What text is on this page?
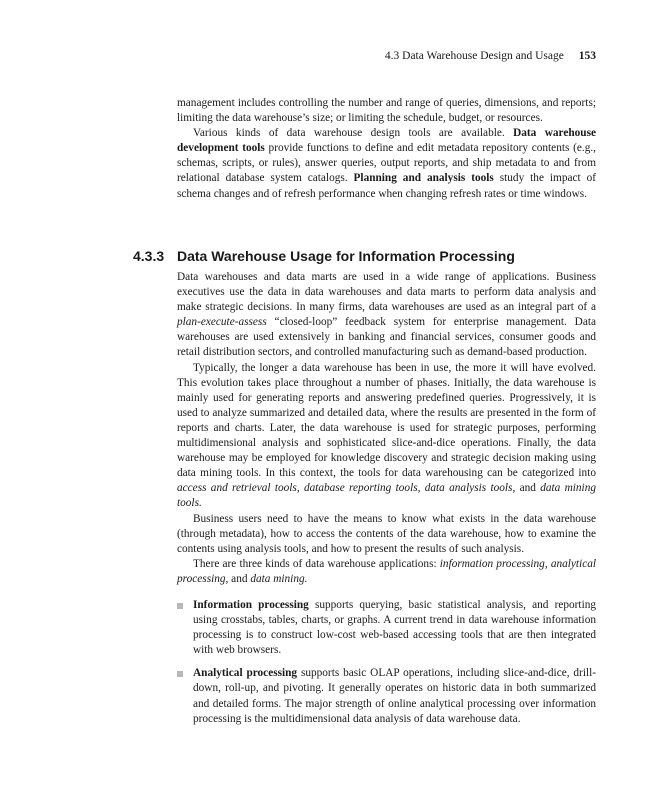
4.3 Data Warehouse Design and Usage 153

management includes controlling the number and range of queries, dimensions, and reports; limiting the data warehouse’s size; or limiting the schedule, budget, or resources.

Various kinds of data warehouse design tools are available. Data warehouse development tools provide functions to define and edit metadata repository contents (e.g., schemas, scripts, or rules), answer queries, output reports, and ship metadata to and from relational database system catalogs. Planning and analysis tools study the impact of schema changes and of refresh performance when changing refresh rates or time windows.

4.3.3 Data Warehouse Usage for Information Processing

Data warehouses and data marts are used in a wide range of applications. Business executives use the data in data warehouses and data marts to perform data analysis and make strategic decisions. In many firms, data warehouses are used as an integral part of a plan-execute-assess “closed-loop” feedback system for enterprise management. Data warehouses are used extensively in banking and financial services, consumer goods and retail distribution sectors, and controlled manufacturing such as demand-based production.

Typically, the longer a data warehouse has been in use, the more it will have evolved. This evolution takes place throughout a number of phases. Initially, the data warehouse is mainly used for generating reports and answering predefined queries. Progressively, it is used to analyze summarized and detailed data, where the results are presented in the form of reports and charts. Later, the data warehouse is used for strategic purposes, performing multidimensional analysis and sophisticated slice-and-dice operations. Finally, the data warehouse may be employed for knowledge discovery and strategic decision making using data mining tools. In this context, the tools for data warehousing can be categorized into access and retrieval tools, database reporting tools, data analysis tools, and data mining tools.

Business users need to have the means to know what exists in the data warehouse (through metadata), how to access the contents of the data warehouse, how to examine the contents using analysis tools, and how to present the results of such analysis.

There are three kinds of data warehouse applications: information processing, analytical processing, and data mining.

Information processing supports querying, basic statistical analysis, and reporting using crosstabs, tables, charts, or graphs. A current trend in data warehouse information processing is to construct low-cost web-based accessing tools that are then integrated with web browsers.
Analytical processing supports basic OLAP operations, including slice-and-dice, drill-down, roll-up, and pivoting. It generally operates on historic data in both summarized and detailed forms. The major strength of online analytical processing over information processing is the multidimensional data analysis of data warehouse data.
